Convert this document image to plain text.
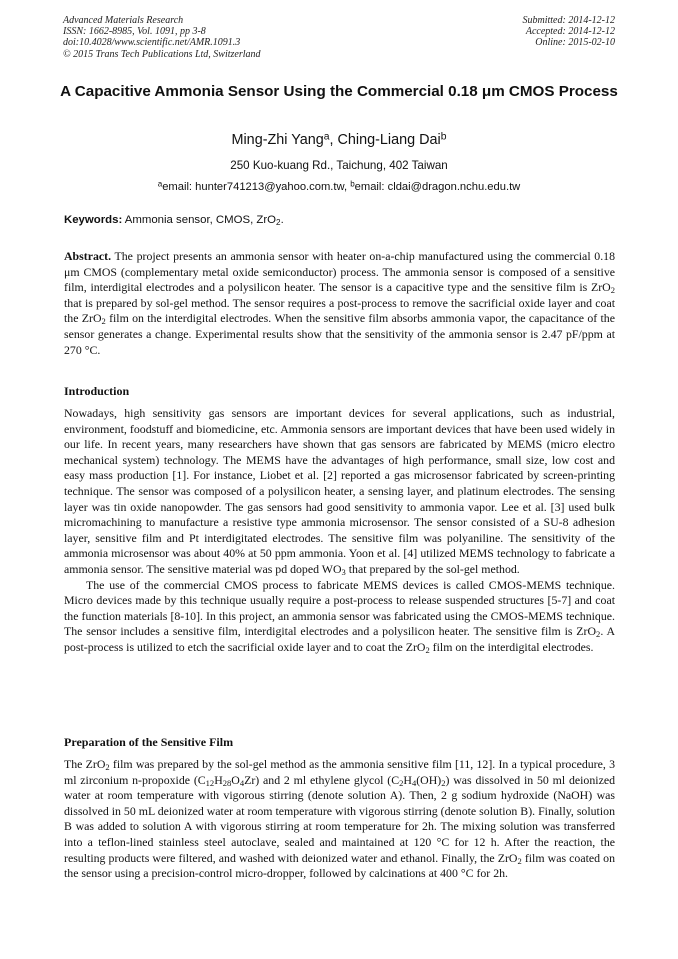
Advanced Materials Research
ISSN: 1662-8985, Vol. 1091, pp 3-8
doi:10.4028/www.scientific.net/AMR.1091.3
© 2015 Trans Tech Publications Ltd, Switzerland
Submitted: 2014-12-12
Accepted: 2014-12-12
Online: 2015-02-10
A Capacitive Ammonia Sensor Using the Commercial 0.18 μm CMOS Process
Ming-Zhi Yang$^a$, Ching-Liang Dai$^b$
250 Kuo-kuang Rd., Taichung, 402 Taiwan
$^a$email: hunter741213@yahoo.com.tw, $^b$email: cldai@dragon.nchu.edu.tw
Keywords: Ammonia sensor, CMOS, ZrO$_2$.

Abstract. The project presents an ammonia sensor with heater on-a-chip manufactured using the commercial 0.18 μm CMOS (complementary metal oxide semiconductor) process. The ammonia sensor is composed of a sensitive film, interdigital electrodes and a polysilicon heater. The sensor is a capacitive type and the sensitive film is ZrO$_2$ that is prepared by sol-gel method. The sensor requires a post-process to remove the sacrificial oxide layer and coat the ZrO$_2$ film on the interdigital electrodes. When the sensitive film absorbs ammonia vapor, the capacitance of the sensor generates a change. Experimental results show that the sensitivity of the ammonia sensor is 2.47 pF/ppm at 270 °C.

Introduction

Nowadays, high sensitivity gas sensors are important devices for several applications, such as industrial, environment, foodstuff and biomedicine, etc. Ammonia sensors are important devices that have been used widely in our life. In recent years, many researchers have shown that gas sensors are fabricated by MEMS (micro electro mechanical system) technology. The MEMS have the advantages of high performance, small size, low cost and easy mass production [1]. For instance, Liobet et al. [2] reported a gas microsensor fabricated by screen-printing technique. The sensor was composed of a polysilicon heater, a sensing layer, and platinum electrodes. The sensing layer was tin oxide nanopowder. The gas sensors had good sensitivity to ammonia vapor. Lee et al. [3] used bulk micromachining to manufacture a resistive type ammonia microsensor. The sensor consisted of a SU-8 adhesion layer, sensitive film and Pt interdigitated electrodes. The sensitive film was polyaniline. The sensitivity of the ammonia microsensor was about 40% at 50 ppm ammonia. Yoon et al. [4] utilized MEMS technology to fabricate a ammonia sensor. The sensitive material was pd doped $WO_3$ that prepared by the sol-gel method.

The use of the commercial CMOS process to fabricate MEMS devices is called CMOS-MEMS technique. Micro devices made by this technique usually require a post-process to release suspended structures [5-7] and coat the function materials [8-10]. In this project, an ammonia sensor was fabricated using the CMOS-MEMS technique. The sensor includes a sensitive film, interdigital electrodes and a polysilicon heater. The sensitive film is ZrO$_2$. A post-process is utilized to etch the sacrificial oxide layer and to coat the ZrO$_2$ film on the interdigital electrodes.

Preparation of the Sensitive Film

The ZrO$_2$ film was prepared by the sol-gel method as the ammonia sensitive film [11, 12]. In a typical procedure, 3 ml zirconium n-propoxide $(C_{12}H_{28}O_4Zr)$ and 2 ml ethylene glycol $(C_2H_4(OH)_2)$ was dissolved in 50 ml deionized water at room temperature with vigorous stirring (denote solution A). Then, 2 g sodium hydroxide (NaOH) was dissolved in 50 mL deionized water at room temperature with vigorous stirring (denote solution B). Finally, solution B was added to solution A with vigorous stirring at room temperature for 2h. The mixing solution was transferred into a teflon-lined stainless steel autoclave, sealed and maintained at 120 °C for 12 h. After the reaction, the resulting products were filtered, and washed with deionized water and ethanol. Finally, the ZrO$_2$ film was coated on the sensor using a precision-control micro-dropper, followed by calcinations at 400 °C for 2h.
